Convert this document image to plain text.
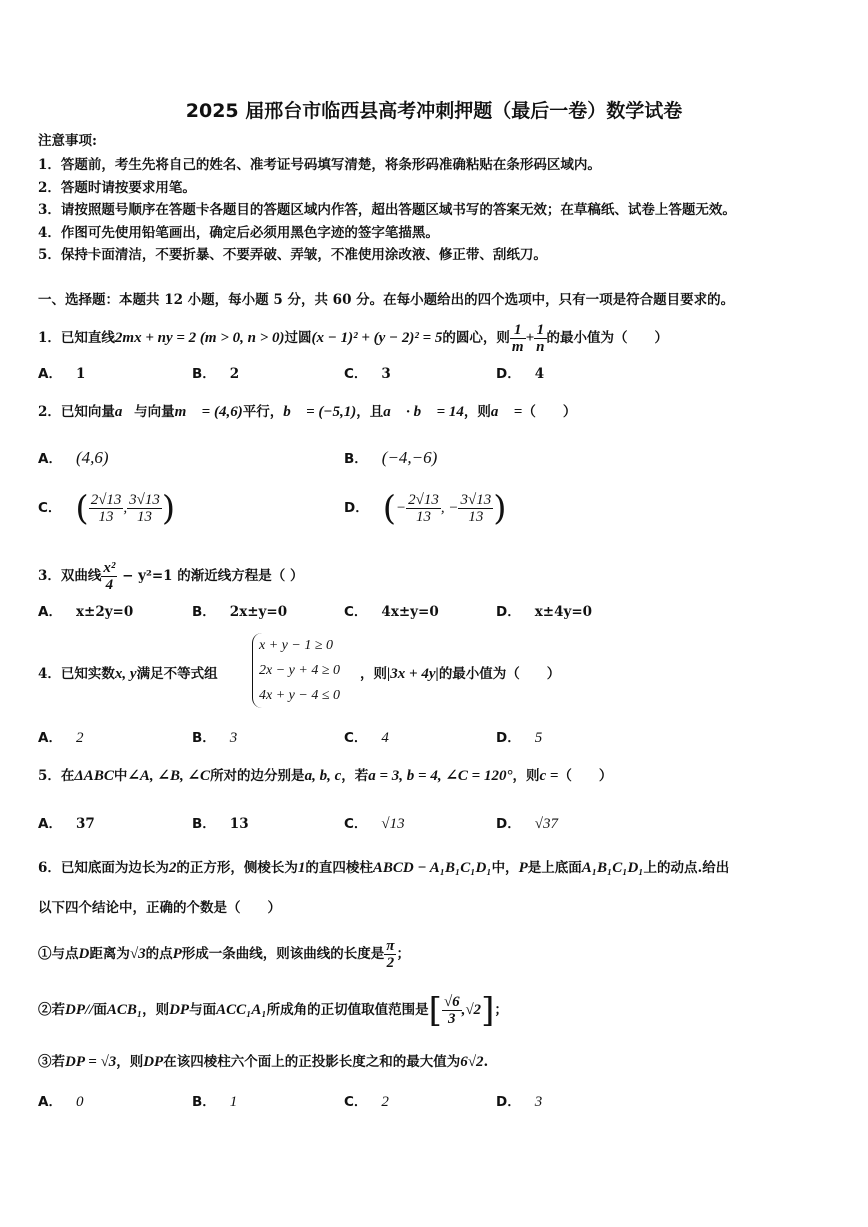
2025 届邢台市临西县高考冲刺押题（最后一卷）数学试卷
注意事项:
1．答题前，考生先将自己的姓名、准考证号码填写清楚，将条形码准确粘贴在条形码区域内。
2．答题时请按要求用笔。
3．请按照题号顺序在答题卡各题目的答题区域内作答，超出答题区域书写的答案无效；在草稿纸、试卷上答题无效。
4．作图可先使用铅笔画出，确定后必须用黑色字迹的签字笔描黑。
5．保持卡面清洁，不要折暴、不要弄破、弄皱，不准使用涂改液、修正带、刮纸刀。
一、选择题：本题共 12 小题，每小题 5 分，共 60 分。在每小题给出的四个选项中，只有一项是符合题目要求的。
1．已知直线2mx + ny = 2 (m > 0, n > 0)过圆(x − 1)² + (y − 2)² = 5的圆心，则 $\frac{1}{m} + \frac{1}{n}$ 的最小值为（　　）
A． 1	B． 2	C． 3	D． 4
2．已知向量a⃗与向量m⃗ = (4,6)平行，b⃗ = (−5,1)，且a⃗ · b⃗ = 14，则a⃗ =（　　）
A． (4,6)	B． (−4,−6)
C． ( $\frac{2√13}{13}$ , $\frac{3√13}{13}$ )	D． (− $\frac{2√13}{13}$ , − $\frac{3√13}{13}$ )
3．双曲线 $\frac{\text{x²}}{4} - y^2=1$ 的渐近线方程是（ ）
A． x±2y=0	B． 2x±y=0	C． 4x±y=0	D． x±4y=0
4．已知实数x, y满足不等式组
x + y − 1 ≥ 0
2x − y + 4 ≥ 0
4x + y − 4 ≤ 0
，则|3x + 4y|的最小值为（　　）
A． 2	B． 3	C． 4	D． 5
5．在ΔABC中∠A, ∠B, ∠C所对的边分别是a, b, c，若a = 3, b = 4, ∠C = 120°，则c =（　　）
A． 37	B． 13	C． √13	D． √37
6．已知底面为边长为2的正方形，侧棱长为1的直四棱柱ABCD − A₁B₁C₁D₁中，P是上底面A₁B₁C₁D₁上的动点.给出
以下四个结论中，正确的个数是（　　）
①与点D距离为√3的点P形成一条曲线，则该曲线的长度是 $\frac{\pi}{2}$ ；
②若DP//面ACB₁，则DP与面ACC₁A₁所成角的正切值取值范围是[ $\frac{√6}{3} ,√2$]；
③若DP = √3，则DP在该四棱柱六个面上的正投影长度之和的最大值为6√2.
A． 0	B． 1	C． 2	D． 3
